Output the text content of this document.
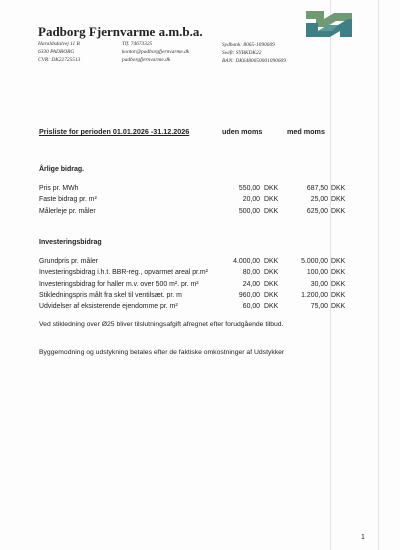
Padborg Fjernvarme a.m.b.a.
Haraldsdalvej 11 B
6330 PADBORG
CVR: DK22725513
Tlf. 74673325
kontor@padborgfjernvarme.dk
padborgfjernvarme.dk
Sydbank: 8065-1090609
Swift: SYBKDK22
BAN: DK6480650001090609
Prisliste for perioden 01.01.2026 -31.12.2026	uden moms	med moms
Årlige bidrag.
Pris pr. MWh	550,00 DKK	687,50 DKK
Faste bidrag pr. m²	20,00 DKK	25,00 DKK
Målerleje pr. måler	500,00 DKK	625,00 DKK
Investeringsbidrag
Grundpris pr. måler	4.000,00 DKK	5.000,00 DKK
Investeringsbidrag i.h.t. BBR-reg., opvarmet areal pr.m²	80,00 DKK	100,00 DKK
Investeringsbidrag for haller m.v. over 500 m². pr. m²	24,00 DKK	30,00 DKK
Stikledningspris målt fra skel til ventilsæt. pr. m	960,00 DKK	1.200,00 DKK
Udvidelser af eksisterende ejendomme pr. m²	60,00 DKK	75,00 DKK
Ved stikledning over Ø25 bliver tilslutningsafgift afregnet efter forudgående tilbud.
Byggemodning og udstykning betales efter de faktiske omkostninger af Udstykker
1
